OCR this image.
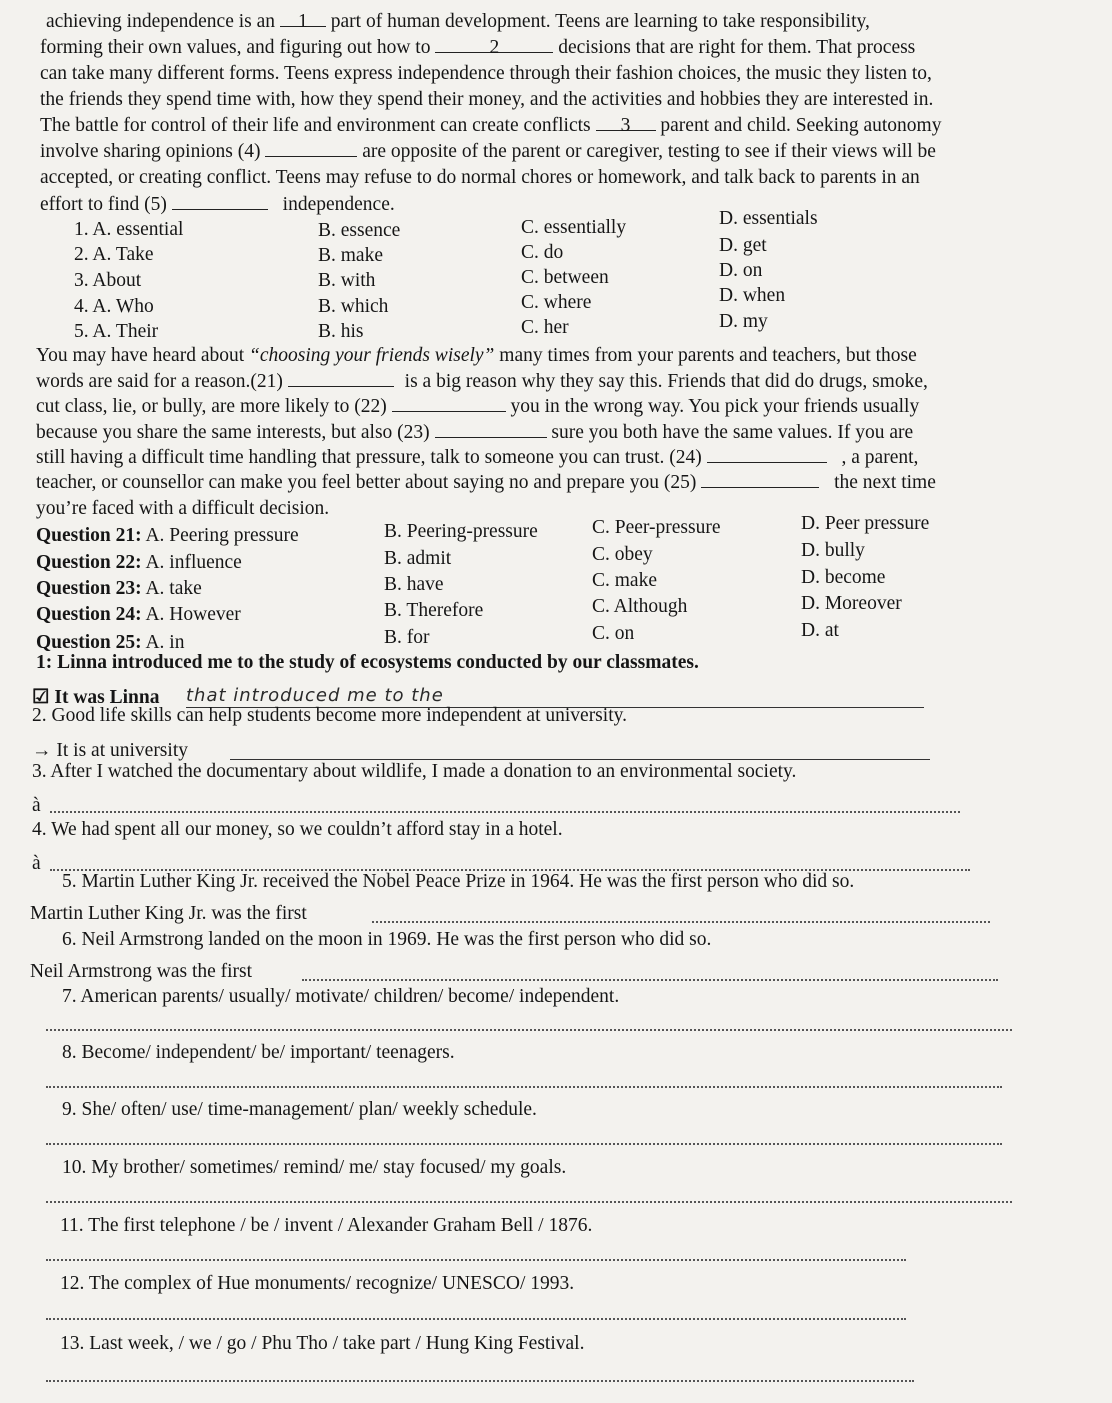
achieving independence is an 1 part of human development. Teens are learning to take responsibility,
forming their own values, and figuring out how to	2	decisions that are right for them. That process
can take many different forms. Teens express independence through their fashion choices, the music they listen to,
the friends they spend time with, how they spend their money, and the activities and hobbies they are interested in.
The battle for control of their life and environment can create conflicts 3 parent and child. Seeking autonomy
involve sharing opinions (4)	are opposite of the parent or caregiver, testing to see if their views will be
accepted, or creating conflict. Teens may refuse to do normal chores or homework, and talk back to parents in an
effort to find (5)	independence.
1. A. essential	B. essence	C. essentially	D. essentials
2. A. Take	B. make	C. do	D. get
3. About	B. with	C. between	D. on
4. A. Who	B. which	C. where	D. when
5. A. Their	B. his	C. her	D. my
You may have heard about “choosing your friends wisely” many times from your parents and teachers, but those
words are said for a reason.(21)	is a big reason why they say this. Friends that did do drugs, smoke,
cut class, lie, or bully, are more likely to (22)	you in the wrong way. You pick your friends usually
because you share the same interests, but also (23)	sure you both have the same values. If you are
still having a difficult time handling that pressure, talk to someone you can trust. (24)	, a parent,
teacher, or counsellor can make you feel better about saying no and prepare you (25)	the next time
you’re faced with a difficult decision.
Question 21: A. Peering pressure	B. Peering-pressure	C. Peer-pressure	D. Peer pressure
Question 22: A. influence	B. admit	C. obey	D. bully
Question 23: A. take	B. have	C. make	D. become
Question 24: A. However	B. Therefore	C. Although	D. Moreover
Question 25: A. in	B. for	C. on	D. at
1: Linna introduced me to the study of ecosystems conducted by our classmates.
☑ It was Linna that introduced me to the
2. Good life skills can help students become more independent at university.
→ It is at university
3. After I watched the documentary about wildlife, I made a donation to an environmental society.
à
4. We had spent all our money, so we couldn’t afford stay in a hotel.
à
5. Martin Luther King Jr. received the Nobel Peace Prize in 1964. He was the first person who did so.
Martin Luther King Jr. was the first
6. Neil Armstrong landed on the moon in 1969. He was the first person who did so.
Neil Armstrong was the first
7. American parents/ usually/ motivate/ children/ become/ independent.
8. Become/ independent/ be/ important/ teenagers.
9. She/ often/ use/ time-management/ plan/ weekly schedule.
10. My brother/ sometimes/ remind/ me/ stay focused/ my goals.
11. The first telephone / be / invent / Alexander Graham Bell / 1876.
12. The complex of Hue monuments/ recognize/ UNESCO/ 1993.
13. Last week, / we / go / Phu Tho / take part / Hung King Festival.
